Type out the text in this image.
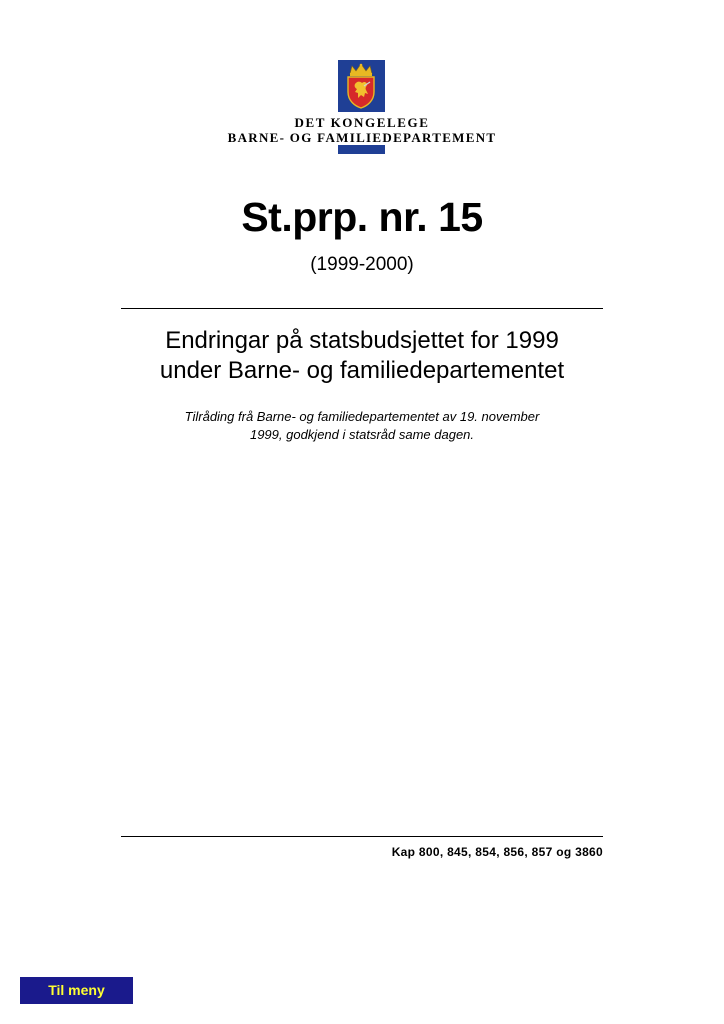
DET KONGELEGE
BARNE- OG FAMILIEDEPARTEMENT
St.prp. nr. 15
(1999-2000)
Endringar på statsbudsjettet for 1999
under Barne- og familiedepartementet
Tilråding frå Barne- og familiedepartementet av 19. november
1999, godkjend i statsråd same dagen.
Kap 800, 845, 854, 856, 857 og 3860
Til meny
